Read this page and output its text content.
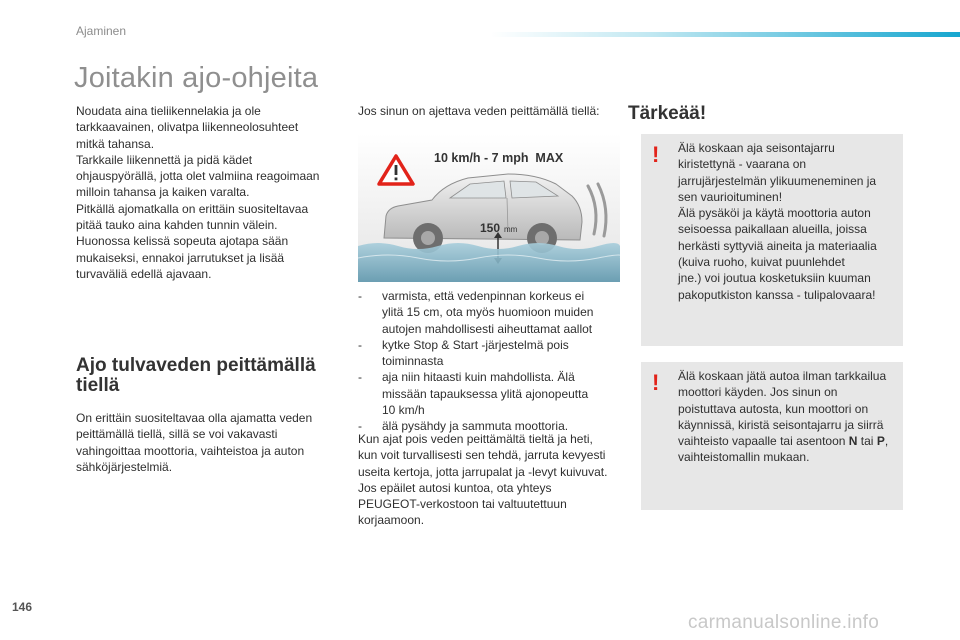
Ajaminen
Joitakin ajo-ohjeita
Noudata aina tieliikennelakia ja ole
tarkkaavainen, olivatpa liikenneolosuhteet
mitkä tahansa.
Tarkkaile liikennettä ja pidä kädet
ohjauspyörällä, jotta olet valmiina reagoimaan
milloin tahansa ja kaiken varalta.
Pitkällä ajomatkalla on erittäin suositeltavaa
pitää tauko aina kahden tunnin välein.
Huonossa kelissä sopeuta ajotapa sään
mukaiseksi, ennakoi jarrutukset ja lisää
turvaväliä edellä ajavaan.
Ajo tulvaveden peittämällä
tiellä
On erittäin suositeltavaa olla ajamatta veden
peittämällä tiellä, sillä se voi vakavasti
vahingoittaa moottoria, vaihteistoa ja auton
sähköjärjestelmiä.
Jos sinun on ajettava veden peittämällä tiellä:
10 km/h - 7 mph  MAX
150 mm
- varmista, että vedenpinnan korkeus ei
ylitä 15 cm, ota myös huomioon muiden
autojen mahdollisesti aiheuttamat aallot
- kytke Stop & Start -järjestelmä pois
toiminnasta
- aja niin hitaasti kuin mahdollista. Älä
missään tapauksessa ylitä ajonopeutta
10 km/h
- älä pysähdy ja sammuta moottoria.
Kun ajat pois veden peittämältä tieltä ja heti,
kun voit turvallisesti sen tehdä, jarruta kevyesti
useita kertoja, jotta jarrupalat ja -levyt kuivuvat.
Jos epäilet autosi kuntoa, ota yhteys
PEUGEOT-verkostoon tai valtuutettuun
korjaamoon.
Tärkeää!
! Älä koskaan aja seisontajarru
kiristettynä - vaarana on
jarrujärjestelmän ylikuumeneminen ja
sen vaurioituminen!
Älä pysäköi ja käytä moottoria auton
seisoessa paikallaan alueilla, joissa
herkästi syttyviä aineita ja materiaalia
(kuiva ruoho, kuivat puunlehdet
jne.) voi joutua kosketuksiin kuuman
pakoputkiston kanssa - tulipalovaara!
! Älä koskaan jätä autoa ilman tarkkailua
moottori käyden. Jos sinun on
poistuttava autosta, kun moottori on
käynnissä, kiristä seisontajarru ja siirrä
vaihteisto vapaalle tai asentoon N tai P,
vaihteistomallin mukaan.
146
carmanualsonline.info
